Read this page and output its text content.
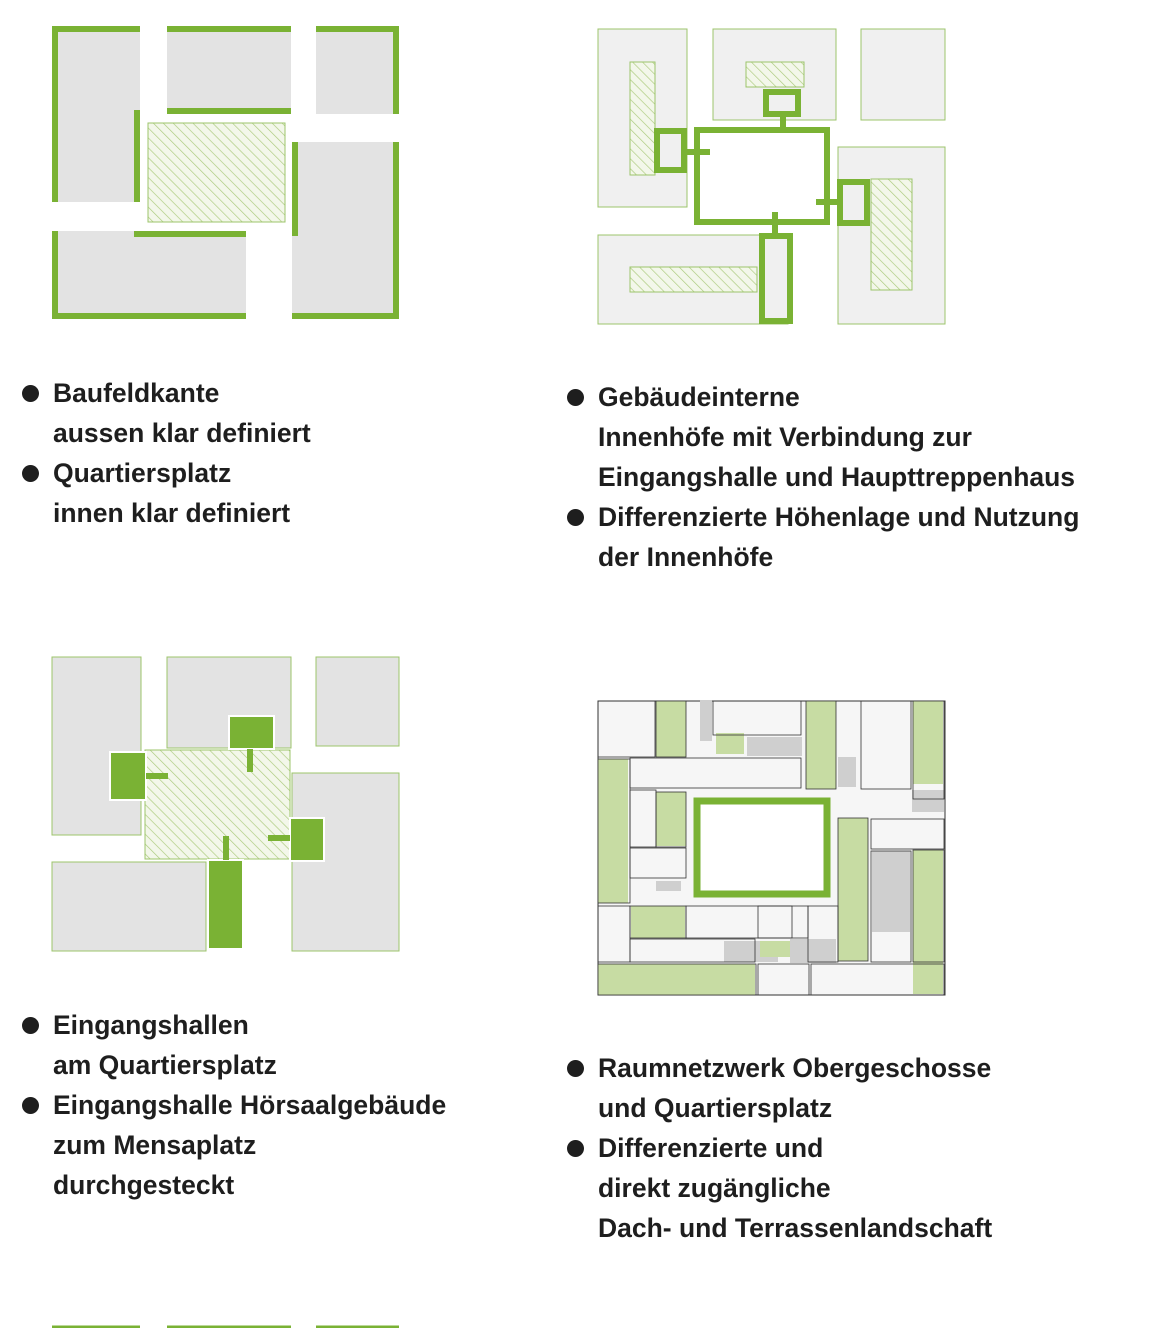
Baufeldkante
aussen klar definiert
Quartiersplatz
innen klar definiert
Gebäudeinterne
Innenhöfe mit Verbindung zur
Eingangshalle und Haupttreppenhaus
Differenzierte Höhenlage und Nutzung
der Innenhöfe
Eingangshallen
am Quartiersplatz
Eingangshalle Hörsaalgebäude
zum Mensaplatz
durchgesteckt
Raumnetzwerk Obergeschosse
und Quartiersplatz
Differenzierte und
direkt zugängliche
Dach- und Terrassenlandschaft
